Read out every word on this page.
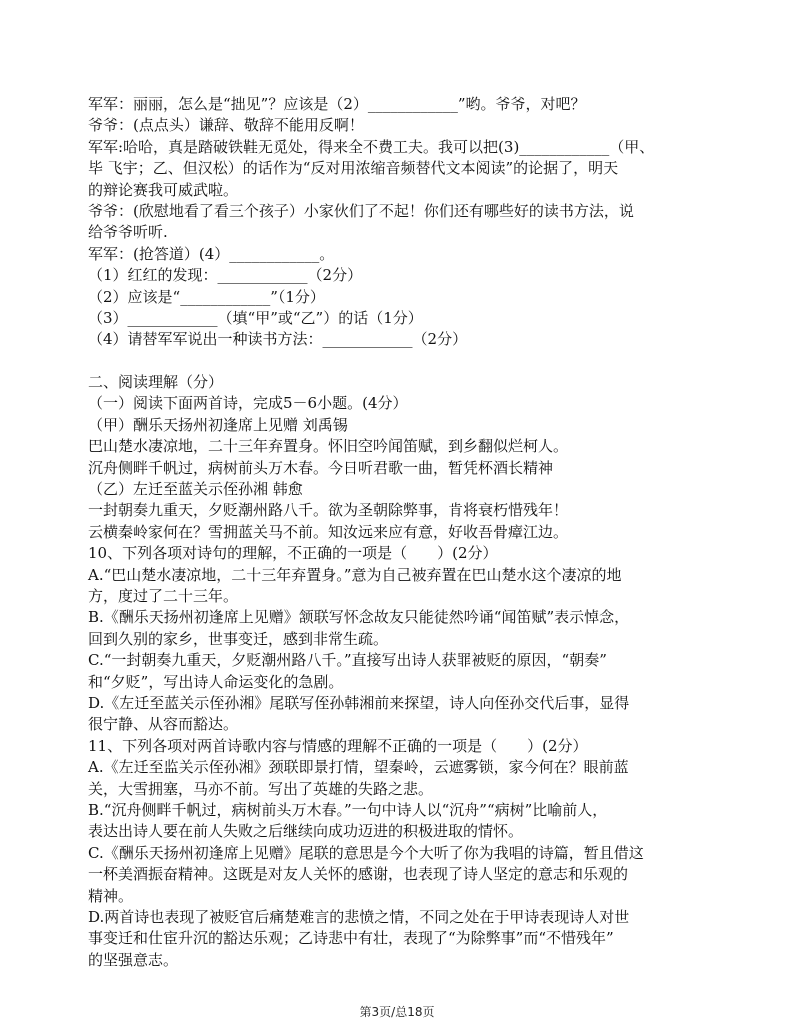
军军：丽丽，怎么是“拙见”？应该是（2）____________”哟。爷爷，对吧？

爷爷：(点点头）谦辞、敬辞不能用反啊！

军军:哈哈，真是踏破铁鞋无觅处，得来全不费工夫。我可以把(3)____________（甲、

毕 飞宇；乙、但汉松）的话作为“反对用浓缩音频替代文本阅读”的论据了，明天

的辩论赛我可威武啦。

爷爷：(欣慰地看了看三个孩子）小家伙们了不起！你们还有哪些好的读书方法，说

给爷爷听听.

军军：(抢答道）(4）____________。

（1）红红的发现：____________（2分）

（2）应该是“____________”（1分）

（3）____________（填“甲”或“乙”）的话（1分）

（4）请替军军说出一种读书方法：____________（2分）

二、阅读理解（分）

（一）阅读下面两首诗，完成5－6小题。(4分）

（甲）酬乐天扬州初逢席上见赠 刘禹锡

巴山楚水凄凉地，二十三年弃置身。怀旧空吟闻笛赋，到乡翻似烂柯人。

沉舟侧畔千帆过，病树前头万木春。今日听君歌一曲，暂凭杯酒长精神

（乙）左迁至蓝关示侄孙湘 韩愈

一封朝奏九重天，夕贬潮州路八千。欲为圣朝除弊事，肯将衰朽惜残年！

云横秦岭家何在？雪拥蓝关马不前。知汝远来应有意，好收吾骨瘴江边。

10、下列各项对诗句的理解，不正确的一项是（　　）(2分）

A.“巴山楚水凄凉地，二十三年弃置身。”意为自己被弃置在巴山楚水这个凄凉的地

方，度过了二十三年。

B.《酬乐天扬州初逢席上见赠》颔联写怀念故友只能徒然吟诵“闻笛赋”表示悼念，

回到久别的家乡，世事变迁，感到非常生疏。

C.“一封朝奏九重天，夕贬潮州路八千。”直接写出诗人获罪被贬的原因，“朝奏”

和“夕贬”，写出诗人命运变化的急剧。

D.《左迁至蓝关示侄孙湘》尾联写侄孙韩湘前来探望，诗人向侄孙交代后事，显得

很宁静、从容而豁达。

11、下列各项对两首诗歌内容与情感的理解不正确的一项是（　　）(2分）

A.《左迁至监关示侄孙湘》颈联即景打情，望秦岭，云遮雾锁，家今何在？眼前蓝

关，大雪拥塞，马亦不前。写出了英雄的失路之悲。

B.“沉舟侧畔千帆过，病树前头万木春。”一句中诗人以“沉舟”“病树”比喻前人，

表达出诗人要在前人失败之后继续向成功迈进的积极进取的情怀。

C.《酬乐天扬州初逢席上见赠》尾联的意思是今个大听了你为我唱的诗篇，暂且借这

一杯美酒振奋精神。这既是对友人关怀的感谢，也表现了诗人坚定的意志和乐观的

精神。

D.两首诗也表现了被贬官后痛楚难言的悲愤之情，不同之处在于甲诗表现诗人对世

事变迁和仕宦升沉的豁达乐观；乙诗悲中有壮，表现了“为除弊事”而“不惜残年”

的坚强意志。

第3页/总18页
